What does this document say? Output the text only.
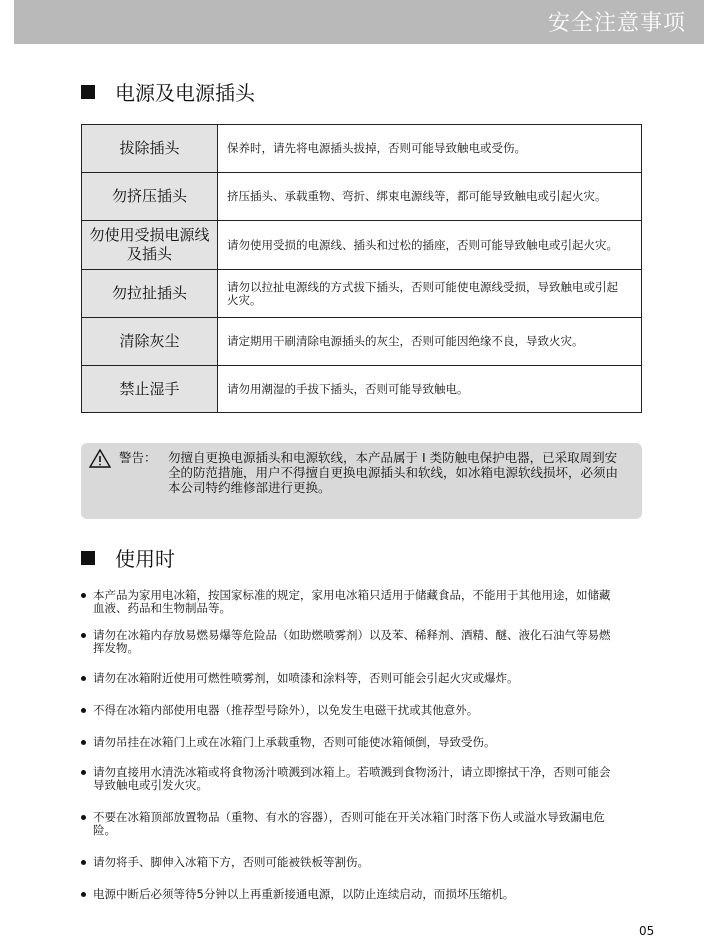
安全注意事项
电源及电源插头
拔除插头	保养时，请先将电源插头拔掉，否则可能导致触电或受伤。
勿挤压插头	挤压插头、承载重物、弯折、绑束电源线等，都可能导致触电或引起火灾。
勿使用受损电源线及插头	请勿使用受损的电源线、插头和过松的插座，否则可能导致触电或引起火灾。
勿拉扯插头	请勿以拉扯电源线的方式拔下插头，否则可能使电源线受损，导致触电或引起火灾。
清除灰尘	请定期用干刷清除电源插头的灰尘，否则可能因绝缘不良，导致火灾。
禁止湿手	请勿用潮湿的手拔下插头，否则可能导致触电。
警告： 勿擅自更换电源插头和电源软线，本产品属于 I 类防触电保护电器，已采取周到安全的防范措施，用户不得擅自更换电源插头和软线，如冰箱电源软线损坏，必须由本公司特约维修部进行更换。
使用时
本产品为家用电冰箱，按国家标准的规定，家用电冰箱只适用于储藏食品，不能用于其他用途，如储藏血液、药品和生物制品等。
请勿在冰箱内存放易燃易爆等危险品（如助燃喷雾剂）以及苯、稀释剂、酒精、醚、液化石油气等易燃挥发物。
请勿在冰箱附近使用可燃性喷雾剂，如喷漆和涂料等，否则可能会引起火灾或爆炸。
不得在冰箱内部使用电器（推荐型号除外），以免发生电磁干扰或其他意外。
请勿吊挂在冰箱门上或在冰箱门上承载重物，否则可能使冰箱倾倒，导致受伤。
请勿直接用水清洗冰箱或将食物汤汁喷溅到冰箱上。若喷溅到食物汤汁，请立即擦拭干净，否则可能会导致触电或引发火灾。
不要在冰箱顶部放置物品（重物、有水的容器），否则可能在开关冰箱门时落下伤人或溢水导致漏电危险。
请勿将手、脚伸入冰箱下方，否则可能被铁板等割伤。
电源中断后必须等待5分钟以上再重新接通电源，以防止连续启动，而损坏压缩机。
05
